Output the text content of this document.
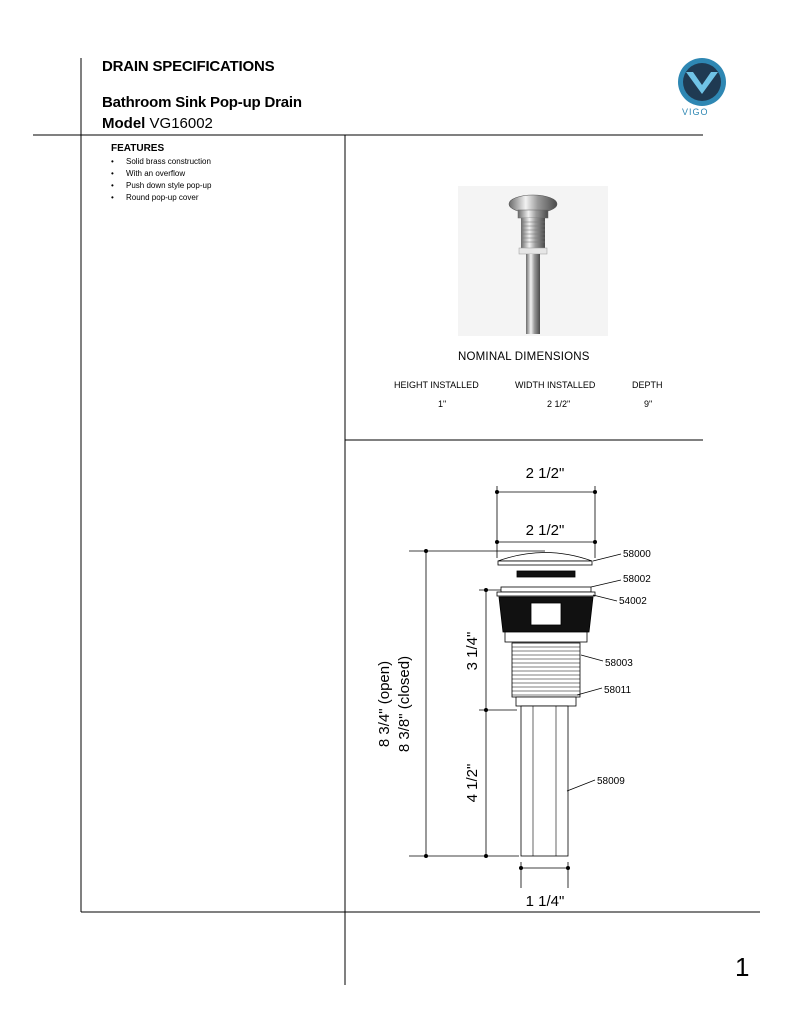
DRAIN SPECIFICATIONS
Bathroom Sink Pop-up Drain
Model VG16002
VIGO
FEATURES
• Solid brass construction
• With an overflow
• Push down style pop-up
• Round pop-up cover
NOMINAL DIMENSIONS
HEIGHT INSTALLED	WIDTH INSTALLED	DEPTH
1"	2 1/2"	9"
2 1/2"
2 1/2"
8 3/4" (open) 8 3/8" (closed)
3 1/4"
4 1/2"
1 1/4"
58000
58002
54002
58003
58011
58009
1
